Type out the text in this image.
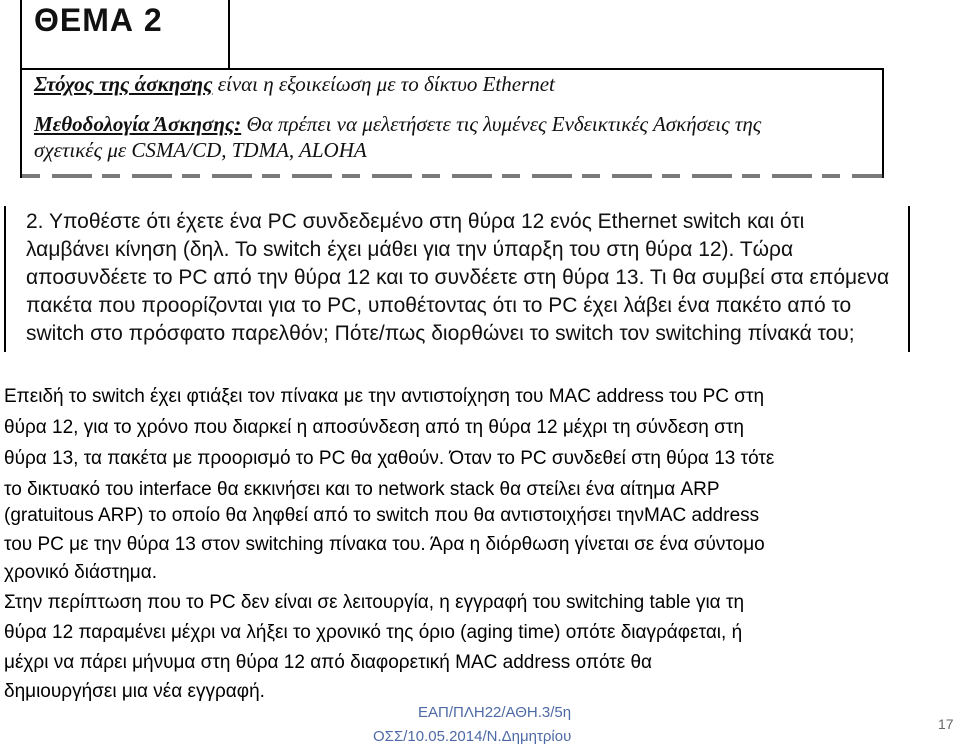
ΘΕΜΑ 2
Στόχος της άσκησης είναι η εξοικείωση με το δίκτυο Ethernet
Μεθοδολογία Άσκησης: Θα πρέπει να μελετήσετε τις λυμένες Ενδεικτικές Ασκήσεις της
σχετικές με CSMA/CD, TDMA, ALOHA
2. Υποθέστε ότι έχετε ένα PC συνδεδεμένο στη θύρα 12 ενός Ethernet switch και ότι
λαμβάνει κίνηση (δηλ. Το switch έχει μάθει για την ύπαρξη του στη θύρα 12). Τώρα
αποσυνδέετε το PC από την θύρα 12 και το συνδέετε στη θύρα 13. Τι θα συμβεί στα επόμενα
πακέτα που προορίζονται για το PC, υποθέτοντας ότι το PC έχει λάβει ένα πακέτο από το
switch στο πρόσφατο παρελθόν; Πότε/πως διορθώνει το switch τον switching πίνακά του;
Επειδή το switch έχει φτιάξει τον πίνακα με την αντιστοίχηση του MAC address του PC στη
θύρα 12, για το χρόνο που διαρκεί η αποσύνδεση από τη θύρα 12 μέχρι τη σύνδεση στη
θύρα 13, τα πακέτα με προορισμό το PC θα χαθούν. Όταν το PC συνδεθεί στη θύρα 13 τότε
το δικτυακό του interface θα εκκινήσει και το network stack θα στείλει ένα αίτημα ARP
(gratuitous ARP) το οποίο θα ληφθεί από το switch που θα αντιστοιχήσει τηνMAC address
του PC με την θύρα 13 στον switching πίνακα του. Άρα η διόρθωση γίνεται σε ένα σύντομο
χρονικό διάστημα.
Στην περίπτωση που το PC δεν είναι σε λειτουργία, η εγγραφή του switching table για τη
θύρα 12 παραμένει μέχρι να λήξει το χρονικό της όριο (aging time) οπότε διαγράφεται, ή
μέχρι να πάρει μήνυμα στη θύρα 12 από διαφορετική MAC address οπότε θα
δημιουργήσει μια νέα εγγραφή.
ΕΑΠ/ΠΛΗ22/ΑΘΗ.3/5η
ΟΣΣ/10.05.2014/Ν.Δημητρίου
17
